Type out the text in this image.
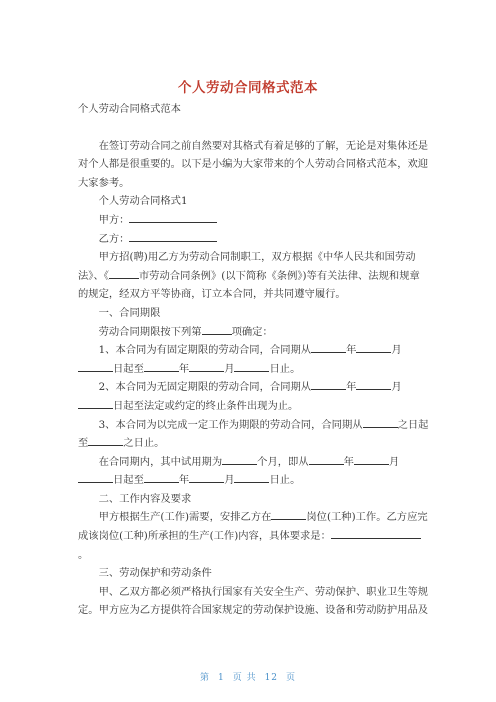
个人劳动合同格式范本

个人劳动合同格式范本

在签订劳动合同之前自然要对其格式有着足够的了解，无论是对集体还是对个人都是很重要的。以下是小编为大家带来的个人劳动合同格式范本，欢迎大家参考。

个人劳动合同格式1

甲方：

乙方：

甲方招(聘)用乙方为劳动合同制职工，双方根据《中华人民共和国劳动法》、《	市劳动合同条例》(以下简称《条例》)等有关法律、法规和规章的规定，经双方平等协商，订立本合同，并共同遵守履行。

一、合同期限

劳动合同期限按下列第	项确定：

1、本合同为有固定期限的劳动合同，合同期从	年	月日起至	年	月	日止。

2、本合同为无固定期限的劳动合同，合同期从	年	月日起至法定或约定的终止条件出现为止。

3、本合同为以完成一定工作为期限的劳动合同，合同期从	之日起至	之日止。

在合同期内，其中试用期为	个月，即从	年	月日起至	年	月	日止。

二、工作内容及要求

甲方根据生产(工作)需要，安排乙方在	岗位(工种)工作。乙方应完成该岗位(工种)所承担的生产(工作)内容，具体要求是：。

三、劳动保护和劳动条件

甲、乙双方都必须严格执行国家有关安全生产、劳动保护、职业卫生等规定。甲方应为乙方提供符合国家规定的劳动保护设施、设备和劳动防护用品及

第 1 页 共 12 页
